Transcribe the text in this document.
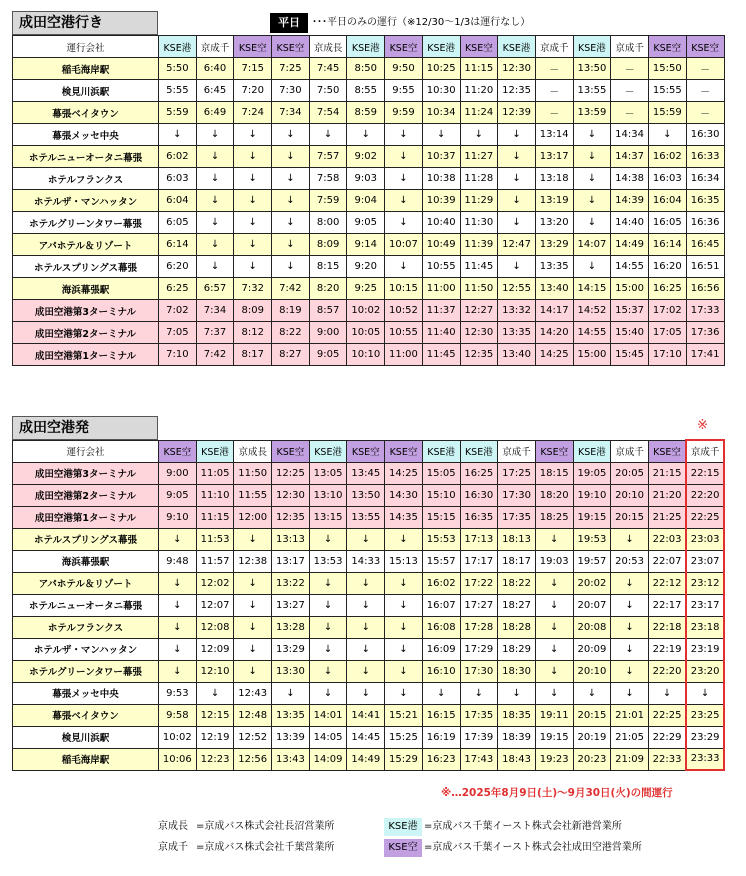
成田空港行き	平日	･･･平日のみの運行（※12/30～1/3は運行なし）
運行会社	KSE港	京成千	KSE空	KSE空	京成長	KSE港	KSE空	KSE港	KSE空	KSE港	京成千	KSE港	京成千	KSE空	KSE空
稲毛海岸駅	5:50	6:40	7:15	7:25	7:45	8:50	9:50	10:25	11:15	12:30	－	13:50	－	15:50	－
検見川浜駅	5:55	6:45	7:20	7:30	7:50	8:55	9:55	10:30	11:20	12:35	－	13:55	－	15:55	－
幕張ベイタウン	5:59	6:49	7:24	7:34	7:54	8:59	9:59	10:34	11:24	12:39	－	13:59	－	15:59	－
幕張メッセ中央	↓	↓	↓	↓	↓	↓	↓	↓	↓	↓	13:14	↓	14:34	↓	16:30
ホテルニューオータニ幕張	6:02	↓	↓	↓	7:57	9:02	↓	10:37	11:27	↓	13:17	↓	14:37	16:02	16:33
ホテルフランクス	6:03	↓	↓	↓	7:58	9:03	↓	10:38	11:28	↓	13:18	↓	14:38	16:03	16:34
ホテルザ・マンハッタン	6:04	↓	↓	↓	7:59	9:04	↓	10:39	11:29	↓	13:19	↓	14:39	16:04	16:35
ホテルグリーンタワー幕張	6:05	↓	↓	↓	8:00	9:05	↓	10:40	11:30	↓	13:20	↓	14:40	16:05	16:36
アパホテル＆リゾート	6:14	↓	↓	↓	8:09	9:14	10:07	10:49	11:39	12:47	13:29	14:07	14:49	16:14	16:45
ホテルスプリングス幕張	6:20	↓	↓	↓	8:15	9:20	↓	10:55	11:45	↓	13:35	↓	14:55	16:20	16:51
海浜幕張駅	6:25	6:57	7:32	7:42	8:20	9:25	10:15	11:00	11:50	12:55	13:40	14:15	15:00	16:25	16:56
成田空港第3ターミナル	7:02	7:34	8:09	8:19	8:57	10:02	10:52	11:37	12:27	13:32	14:17	14:52	15:37	17:02	17:33
成田空港第2ターミナル	7:05	7:37	8:12	8:22	9:00	10:05	10:55	11:40	12:30	13:35	14:20	14:55	15:40	17:05	17:36
成田空港第1ターミナル	7:10	7:42	8:17	8:27	9:05	10:10	11:00	11:45	12:35	13:40	14:25	15:00	15:45	17:10	17:41
成田空港発	※
運行会社	KSE空	KSE港	京成長	KSE空	KSE港	KSE空	KSE空	KSE港	KSE港	京成千	KSE空	KSE港	京成千	KSE空	京成千
成田空港第3ターミナル	9:00	11:05	11:50	12:25	13:05	13:45	14:25	15:05	16:25	17:25	18:15	19:05	20:05	21:15	22:15
成田空港第2ターミナル	9:05	11:10	11:55	12:30	13:10	13:50	14:30	15:10	16:30	17:30	18:20	19:10	20:10	21:20	22:20
成田空港第1ターミナル	9:10	11:15	12:00	12:35	13:15	13:55	14:35	15:15	16:35	17:35	18:25	19:15	20:15	21:25	22:25
ホテルスプリングス幕張	↓	11:53	↓	13:13	↓	↓	↓	15:53	17:13	18:13	↓	19:53	↓	22:03	23:03
海浜幕張駅	9:48	11:57	12:38	13:17	13:53	14:33	15:13	15:57	17:17	18:17	19:03	19:57	20:53	22:07	23:07
アパホテル＆リゾート	↓	12:02	↓	13:22	↓	↓	↓	16:02	17:22	18:22	↓	20:02	↓	22:12	23:12
ホテルニューオータニ幕張	↓	12:07	↓	13:27	↓	↓	↓	16:07	17:27	18:27	↓	20:07	↓	22:17	23:17
ホテルフランクス	↓	12:08	↓	13:28	↓	↓	↓	16:08	17:28	18:28	↓	20:08	↓	22:18	23:18
ホテルザ・マンハッタン	↓	12:09	↓	13:29	↓	↓	↓	16:09	17:29	18:29	↓	20:09	↓	22:19	23:19
ホテルグリーンタワー幕張	↓	12:10	↓	13:30	↓	↓	↓	16:10	17:30	18:30	↓	20:10	↓	22:20	23:20
幕張メッセ中央	9:53	↓	12:43	↓	↓	↓	↓	↓	↓	↓	↓	↓	↓	↓	↓
幕張ベイタウン	9:58	12:15	12:48	13:35	14:01	14:41	15:21	16:15	17:35	18:35	19:11	20:15	21:01	22:25	23:25
検見川浜駅	10:02	12:19	12:52	13:39	14:05	14:45	15:25	16:19	17:39	18:39	19:15	20:19	21:05	22:29	23:29
稲毛海岸駅	10:06	12:23	12:56	13:43	14:09	14:49	15:29	16:23	17:43	18:43	19:23	20:23	21:09	22:33	23:33
※…2025年8月9日(土)～9月30日(火)の間運行
京成長 =京成バス株式会社長沼営業所
京成千 =京成バス株式会社千葉営業所
KSE港 =京成バス千葉イースト株式会社新港営業所
KSE空 =京成バス千葉イースト株式会社成田空港営業所
